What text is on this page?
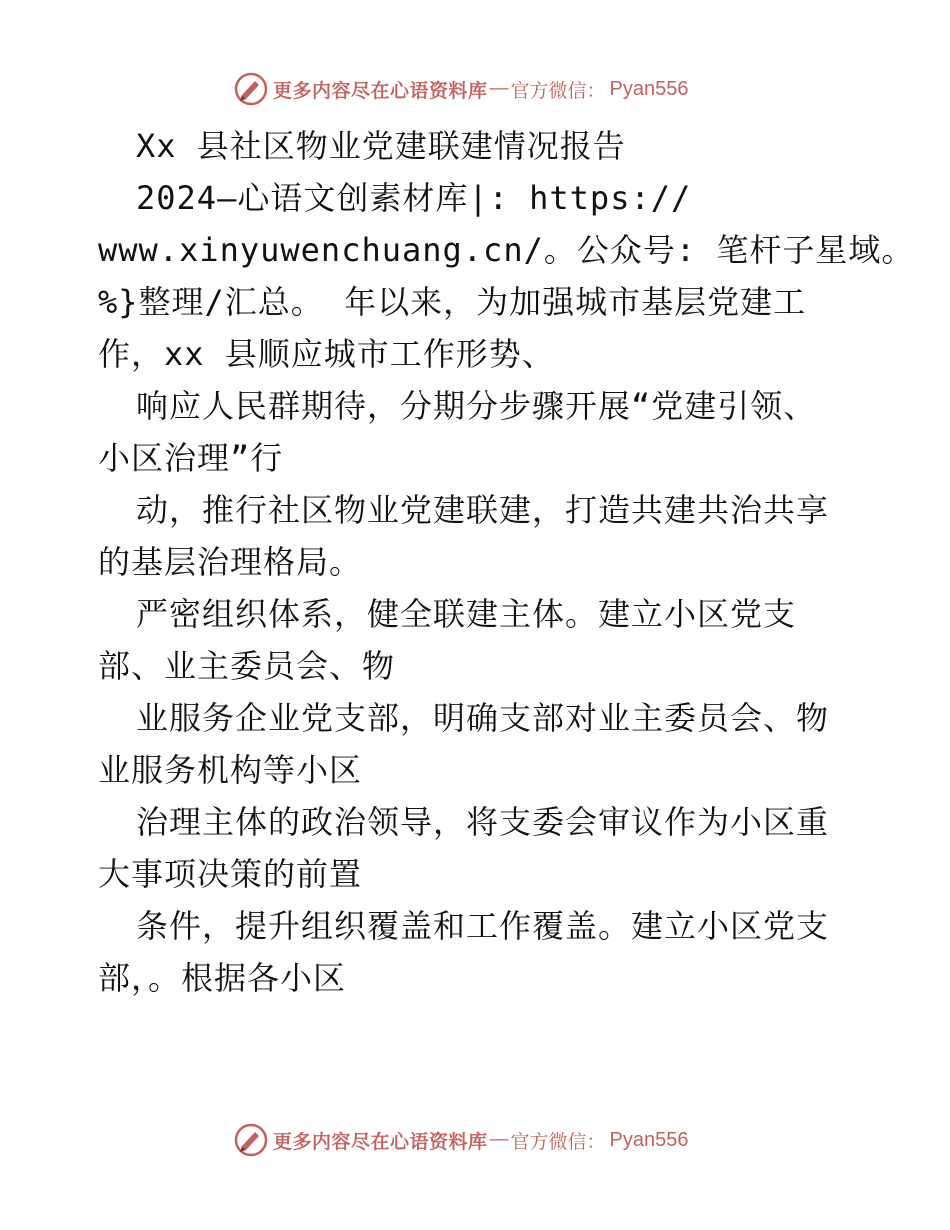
更多内容尽在心语资料库 — 官方微信： Pyan556
Xx 县社区物业党建联建情况报告
2024—心语文创素材库|: https://
www.xinyuwenchuang.cn/。公众号: 笔杆子星域。
%}整理/汇总。 年以来，为加强城市基层党建工
作，xx 县顺应城市工作形势、
响应人民群期待，分期分步骤开展“党建引领、
小区治理”行
动，推行社区物业党建联建，打造共建共治共享
的基层治理格局。
严密组织体系，健全联建主体。建立小区党支
部、业主委员会、物
业服务企业党支部，明确支部对业主委员会、物
业服务机构等小区
治理主体的政治领导，将支委会审议作为小区重
大事项决策的前置
条件，提升组织覆盖和工作覆盖。建立小区党支
部，。根据各小区
更多内容尽在心语资料库 — 官方微信： Pyan556
